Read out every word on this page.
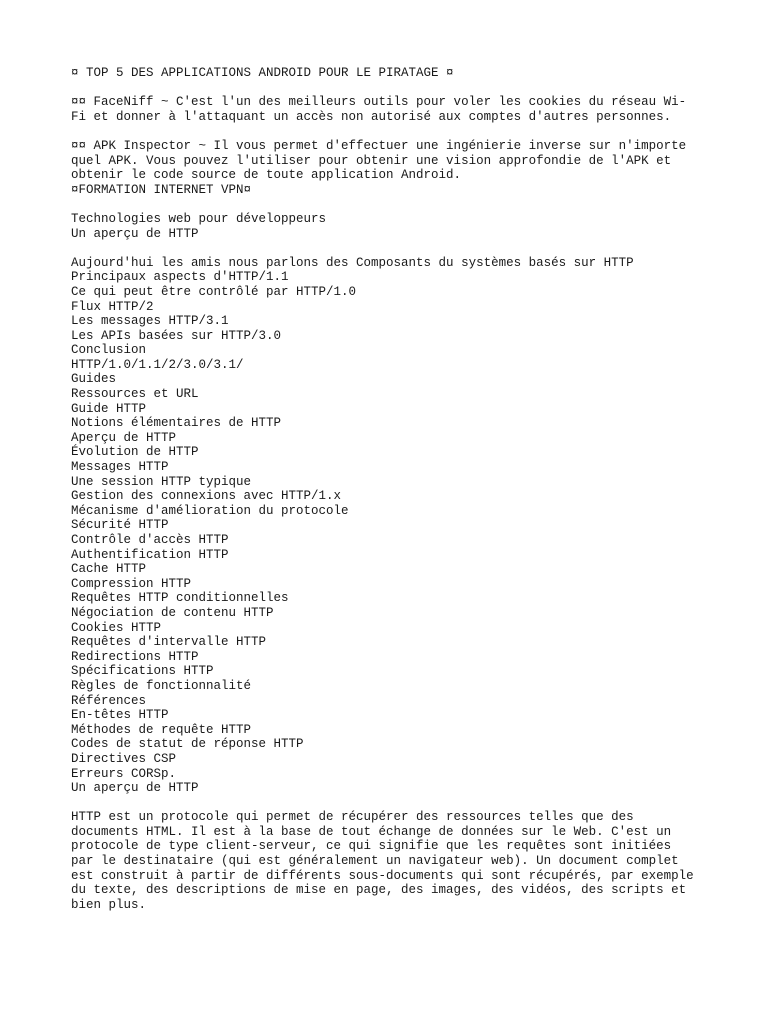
¤ TOP 5 DES APPLICATIONS ANDROID POUR LE PIRATAGE ¤
¤¤ FaceNiff ~ C'est l'un des meilleurs outils pour voler les cookies du réseau Wi-
Fi et donner à l'attaquant un accès non autorisé aux comptes d'autres personnes.
¤¤ APK Inspector ~ Il vous permet d'effectuer une ingénierie inverse sur n'importe
quel APK. Vous pouvez l'utiliser pour obtenir une vision approfondie de l'APK et
obtenir le code source de toute application Android.
¤FORMATION INTERNET VPN¤
Technologies web pour développeurs
Un aperçu de HTTP
Aujourd'hui les amis nous parlons des Composants du systèmes basés sur HTTP
Principaux aspects d'HTTP/1.1
Ce qui peut être contrôlé par HTTP/1.0
Flux HTTP/2
Les messages HTTP/3.1
Les APIs basées sur HTTP/3.0
Conclusion
HTTP/1.0/1.1/2/3.0/3.1/
Guides
Ressources et URL
Guide HTTP
Notions élémentaires de HTTP
Aperçu de HTTP
Évolution de HTTP
Messages HTTP
Une session HTTP typique
Gestion des connexions avec HTTP/1.x
Mécanisme d'amélioration du protocole
Sécurité HTTP
Contrôle d'accès HTTP
Authentification HTTP
Cache HTTP
Compression HTTP
Requêtes HTTP conditionnelles
Négociation de contenu HTTP
Cookies HTTP
Requêtes d'intervalle HTTP
Redirections HTTP
Spécifications HTTP
Règles de fonctionnalité
Références
En-têtes HTTP
Méthodes de requête HTTP
Codes de statut de réponse HTTP
Directives CSP
Erreurs CORSp.
Un aperçu de HTTP
HTTP est un protocole qui permet de récupérer des ressources telles que des
documents HTML. Il est à la base de tout échange de données sur le Web. C'est un
protocole de type client-serveur, ce qui signifie que les requêtes sont initiées
par le destinataire (qui est généralement un navigateur web). Un document complet
est construit à partir de différents sous-documents qui sont récupérés, par exemple
du texte, des descriptions de mise en page, des images, des vidéos, des scripts et
bien plus.
